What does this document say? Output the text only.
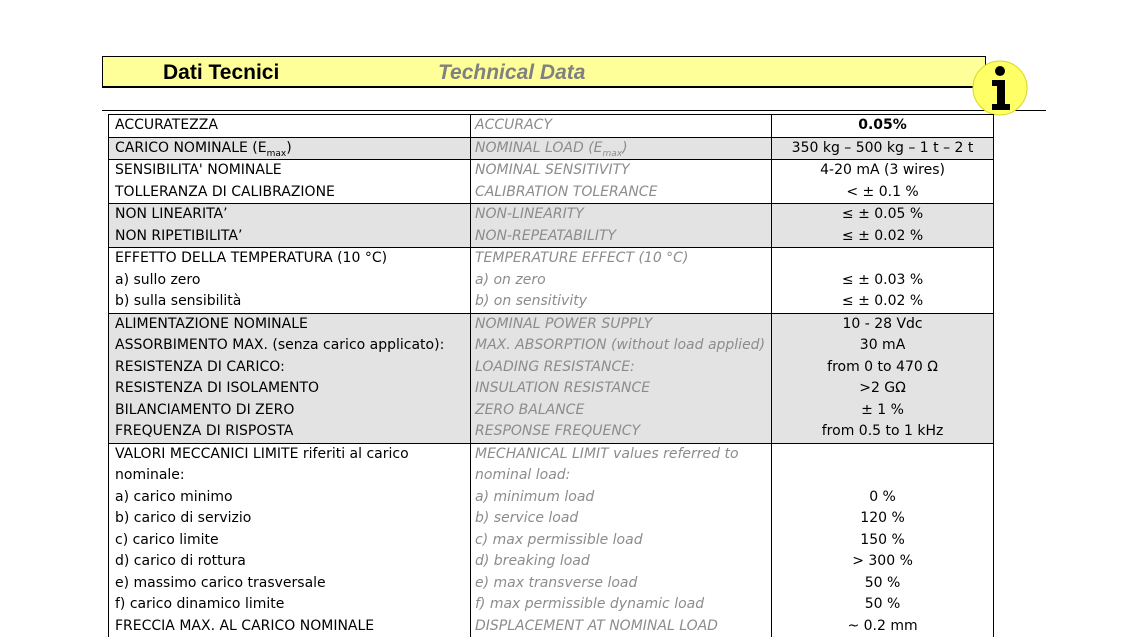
Dati Tecnici	Technical Data
ACCURATEZZA	ACCURACY	0.05%
CARICO NOMINALE $(E_{max})$	NOMINAL LOAD $(E_{max})$	350 kg – 500 kg – 1 t – 2 t
SENSIBILITA' NOMINALE	NOMINAL SENSITIVITY	4-20 mA (3 wires)
TOLLERANZA DI CALIBRAZIONE	CALIBRATION TOLERANCE	< ± 0.1 %
NON LINEARITA’	NON-LINEARITY	≤ ± 0.05 %
NON RIPETIBILITA’	NON-REPEATABILITY	≤ ± 0.02 %
EFFETTO DELLA TEMPERATURA (10 °C)	TEMPERATURE EFFECT (10 °C)	
a) sullo zero	a) on zero	≤ ± 0.03 %
b) sulla sensibilità	b) on sensitivity	≤ ± 0.02 %
ALIMENTAZIONE NOMINALE	NOMINAL POWER SUPPLY	10 - 28 Vdc
ASSORBIMENTO MAX. (senza carico applicato):	MAX. ABSORPTION (without load applied)	30 mA
RESISTENZA DI CARICO:	LOADING RESISTANCE:	from 0 to 470 Ω
RESISTENZA DI ISOLAMENTO	INSULATION RESISTANCE	>2 GΩ
BILANCIAMENTO DI ZERO	ZERO BALANCE	± 1 %
FREQUENZA DI RISPOSTA	RESPONSE FREQUENCY	from 0.5 to 1 kHz
VALORI MECCANICI LIMITE riferiti al carico	MECHANICAL LIMIT values referred to	
nominale:	nominal load:	
a) carico minimo	a) minimum load	0 %
b) carico di servizio	b) service load	120 %
c) carico limite	c) max permissible load	150 %
d) carico di rottura	d) breaking load	> 300 %
e) massimo carico trasversale	e) max transverse load	50 %
f) carico dinamico limite	f) max permissible dynamic load	50 %
FRECCIA MAX. AL CARICO NOMINALE	DISPLACEMENT AT NOMINAL LOAD	~ 0.2 mm
